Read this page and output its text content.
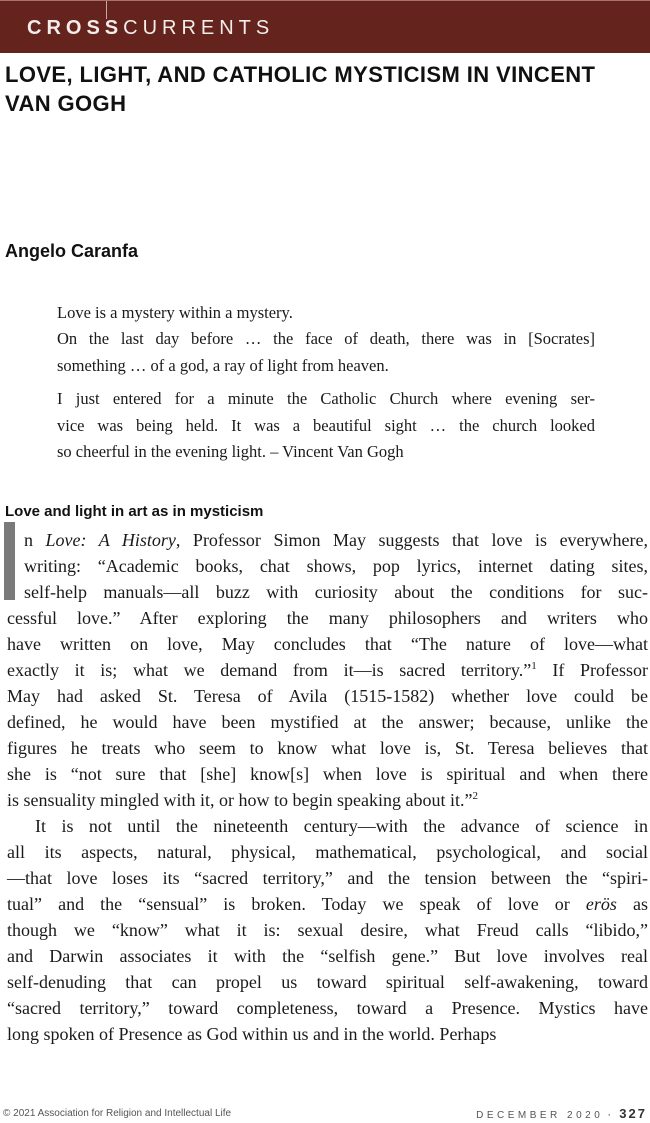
CROSSCURRENTS
LOVE, LIGHT, AND CATHOLIC MYSTICISM IN VINCENT VAN GOGH
Angelo Caranfa
Love is a mystery within a mystery.
On the last day before … the face of death, there was in [Socrates]
something … of a god, a ray of light from heaven.
I just entered for a minute the Catholic Church where evening ser-
vice was being held. It was a beautiful sight … the church looked
so cheerful in the evening light. – Vincent Van Gogh
Love and light in art as in mysticism
n Love: A History, Professor Simon May suggests that love is everywhere,
writing: “Academic books, chat shows, pop lyrics, internet dating sites,
self-help manuals—all buzz with curiosity about the conditions for suc-
cessful love.” After exploring the many philosophers and writers who
have written on love, May concludes that “The nature of love—what
exactly it is; what we demand from it—is sacred territory.”$^1$ If Professor
May had asked St. Teresa of Avila (1515-1582) whether love could be
defined, he would have been mystified at the answer; because, unlike the
figures he treats who seem to know what love is, St. Teresa believes that
she is “not sure that [she] know[s] when love is spiritual and when there
is sensuality mingled with it, or how to begin speaking about it.”$^2$
It is not until the nineteenth century—with the advance of science in
all its aspects, natural, physical, mathematical, psychological, and social
—that love loses its “sacred territory,” and the tension between the “spiri-
tual” and the “sensual” is broken. Today we speak of love or erös as
though we “know” what it is: sexual desire, what Freud calls “libido,”
and Darwin associates it with the “selfish gene.” But love involves real
self-denuding that can propel us toward spiritual self-awakening, toward
“sacred territory,” toward completeness, toward a Presence. Mystics have
long spoken of Presence as God within us and in the world. Perhaps
© 2021 Association for Religion and Intellectual Life	DECEMBER 2020 · 327
